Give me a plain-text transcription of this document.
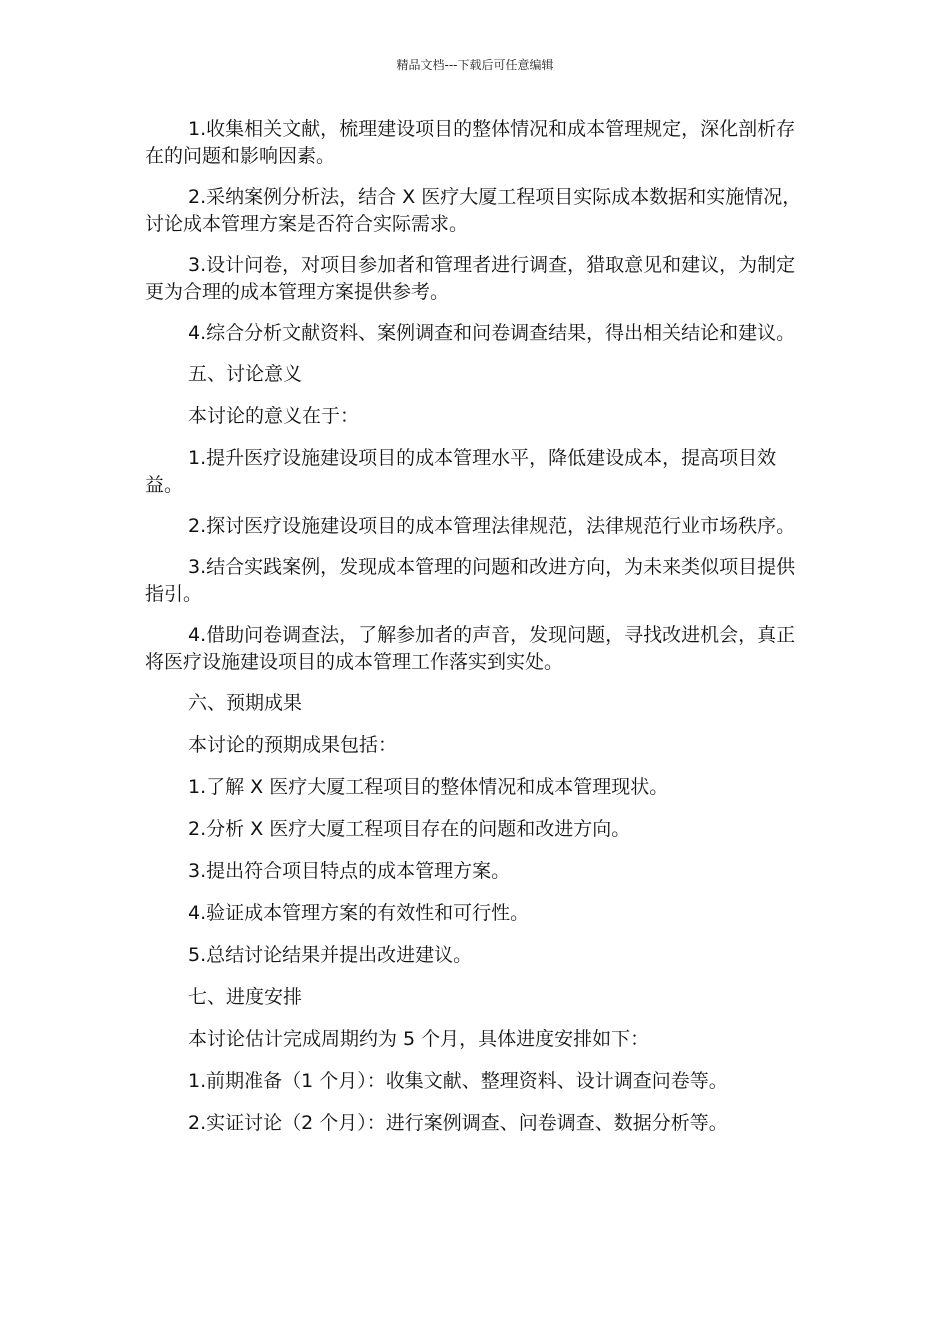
精品文档---下载后可任意编辑

1.收集相关文献，梳理建设项目的整体情况和成本管理规定，深化剖析存在的问题和影响因素。

2.采纳案例分析法，结合 X 医疗大厦工程项目实际成本数据和实施情况，讨论成本管理方案是否符合实际需求。

3.设计问卷，对项目参加者和管理者进行调查，猎取意见和建议，为制定更为合理的成本管理方案提供参考。

4.综合分析文献资料、案例调查和问卷调查结果，得出相关结论和建议。

五、讨论意义

本讨论的意义在于：

1.提升医疗设施建设项目的成本管理水平，降低建设成本，提高项目效益。

2.探讨医疗设施建设项目的成本管理法律规范，法律规范行业市场秩序。

3.结合实践案例，发现成本管理的问题和改进方向，为未来类似项目提供指引。

4.借助问卷调查法，了解参加者的声音，发现问题，寻找改进机会，真正将医疗设施建设项目的成本管理工作落实到实处。

六、预期成果

本讨论的预期成果包括：

1.了解 X 医疗大厦工程项目的整体情况和成本管理现状。

2.分析 X 医疗大厦工程项目存在的问题和改进方向。

3.提出符合项目特点的成本管理方案。

4.验证成本管理方案的有效性和可行性。

5.总结讨论结果并提出改进建议。

七、进度安排

本讨论估计完成周期约为 5 个月，具体进度安排如下：

1.前期准备（1 个月）：收集文献、整理资料、设计调查问卷等。

2.实证讨论（2 个月）：进行案例调查、问卷调查、数据分析等。
